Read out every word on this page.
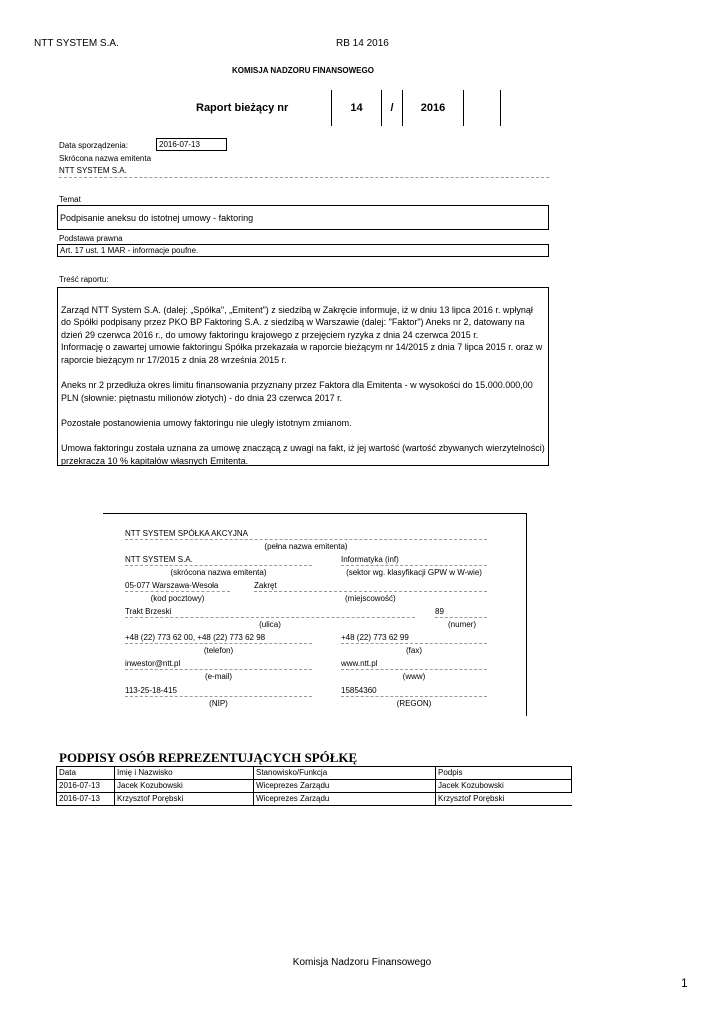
NTT SYSTEM S.A.	RB 14 2016
KOMISJA NADZORU FINANSOWEGO
Raport bieżący nr	14	/	2016
Data sporządzenia:	2016-07-13
Skrócona nazwa emitenta
NTT SYSTEM S.A.
Temat
Podpisanie aneksu do istotnej umowy - faktoring
Podstawa prawna
Art. 17 ust. 1 MAR - informacje poufne.
Treść raportu:

Zarząd NTT System S.A. (dalej: „Spółka", „Emitent") z siedzibą w Zakręcie informuje, iż w dniu 13 lipca 2016 r. wpłynął do Spółki podpisany przez PKO BP Faktoring S.A. z siedzibą w Warszawie (dalej: "Faktor") Aneks nr 2, datowany na dzień 29 czerwca 2016 r., do umowy faktoringu krajowego z przejęciem ryzyka z dnia 24 czerwca 2015 r.
Informację o zawartej umowie faktoringu Spółka przekazała w raporcie bieżącym nr 14/2015 z dnia 7 lipca 2015 r. oraz w raporcie bieżącym nr 17/2015 z dnia 28 września 2015 r.

Aneks nr 2 przedłuża okres limitu finansowania przyznany przez Faktora dla Emitenta - w wysokości do 15.000.000,00 PLN (słownie: piętnastu milionów złotych) - do dnia 23 czerwca 2017 r.

Pozostałe postanowienia umowy faktoringu nie uległy istotnym zmianom.

Umowa faktoringu została uznana za umowę znaczącą z uwagi na fakt, iż jej wartość (wartość zbywanych wierzytelności) przekracza 10 % kapitałów własnych Emitenta.

NTT SYSTEM SPÓŁKA AKCYJNA
(pełna nazwa emitenta)
NTT SYSTEM S.A.	Informatyka (inf)
(skrócona nazwa emitenta)	(sektor wg. klasyfikacji GPW w W-wie)
05-077 Warszawa-Wesoła	Zakręt
(kod pocztowy)	(miejscowość)
Trakt Brzeski	89
(ulica)	(numer)
+48 (22) 773 62 00, +48 (22) 773 62 98	+48 (22) 773 62 99
(telefon)	(fax)
inwestor@ntt.pl	www.ntt.pl
(e-mail)	(www)
113-25-18-415	15854360
(NIP)	(REGON)
PODPISY OSÓB REPREZENTUJĄCYCH SPÓŁKĘ
Data	Imię i Nazwisko	Stanowisko/Funkcja	Podpis
2016-07-13	Jacek Kozubowski	Wiceprezes Zarządu	Jacek Kozubowski
2016-07-13	Krzysztof Porębski	Wiceprezes Zarządu	Krzysztof Porębski
Komisja Nadzoru Finansowego
1
